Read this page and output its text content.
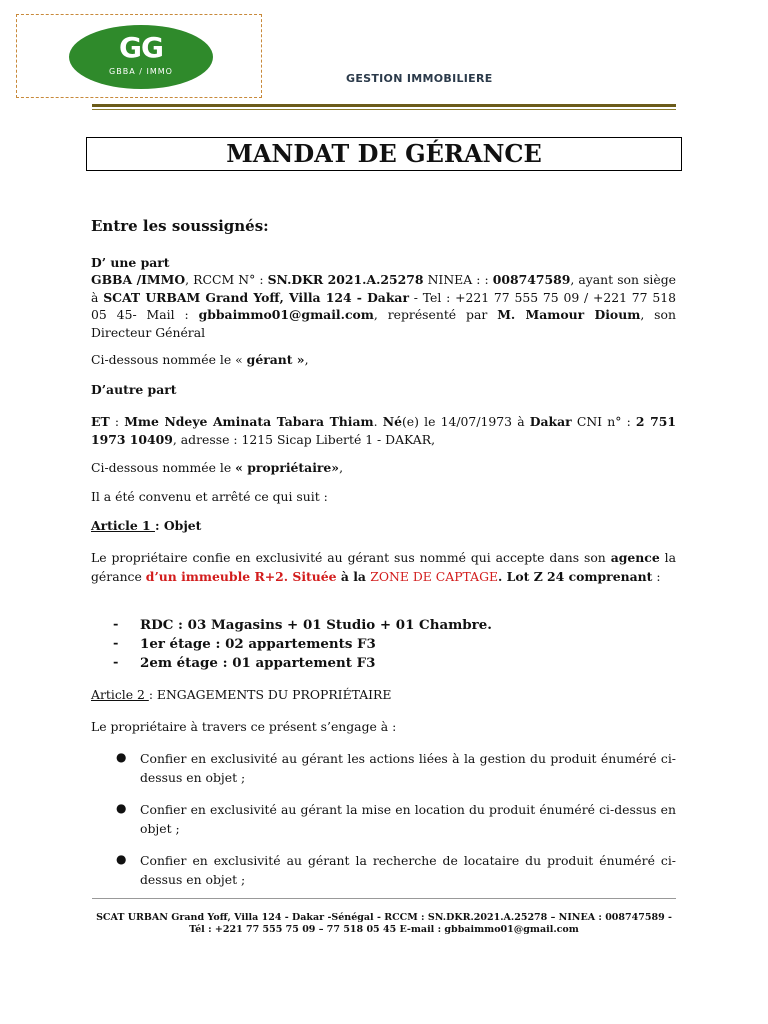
GG
GBBA / IMMO
GESTION IMMOBILIERE
MANDAT DE GÉRANCE
Entre les soussignés:
D’ une part

GBBA /IMMO, RCCM N° : SN.DKR 2021.A.25278 NINEA : : 008747589, ayant son siège à SCAT URBAM Grand Yoff, Villa 124 - Dakar - Tel : +221 77 555 75 09 / +221 77 518 05 45- Mail : gbbaimmo01@gmail.com, représenté par M. Mamour Dioum, son Directeur Général

Ci-dessous nommée le « gérant »,

D’autre part

ET : Mme Ndeye Aminata Tabara Thiam. Né(e) le 14/07/1973 à Dakar CNI n° : 2 751 1973 10409, adresse : 1215 Sicap Liberté 1 - DAKAR,

Ci-dessous nommée le « propriétaire»,

Il a été convenu et arrêté ce qui suit :

Article 1 : Objet

Le propriétaire confie en exclusivité au gérant sus nommé qui accepte dans son agence la gérance d’un immeuble R+2. Située à la ZONE DE CAPTAGE. Lot Z 24 comprenant :

- RDC : 03 Magasins + 01 Studio + 01 Chambre.
- 1er étage : 02 appartements F3
- 2em étage : 01 appartement F3

Article 2 : ENGAGEMENTS DU PROPRIÉTAIRE

Le propriétaire à travers ce présent s’engage à :
● Confier en exclusivité au gérant les actions liées à la gestion du produit énuméré ci-dessus en objet ;
● Confier en exclusivité au gérant la mise en location du produit énuméré ci-dessus en objet ;
● Confier en exclusivité au gérant la recherche de locataire du produit énuméré ci-dessus en objet ;
SCAT URBAN Grand Yoff, Villa 124 - Dakar -Sénégal - RCCM : SN.DKR.2021.A.25278 – NINEA : 008747589 -
Tél : +221 77 555 75 09 – 77 518 05 45 E-mail : gbbaimmo01@gmail.com
